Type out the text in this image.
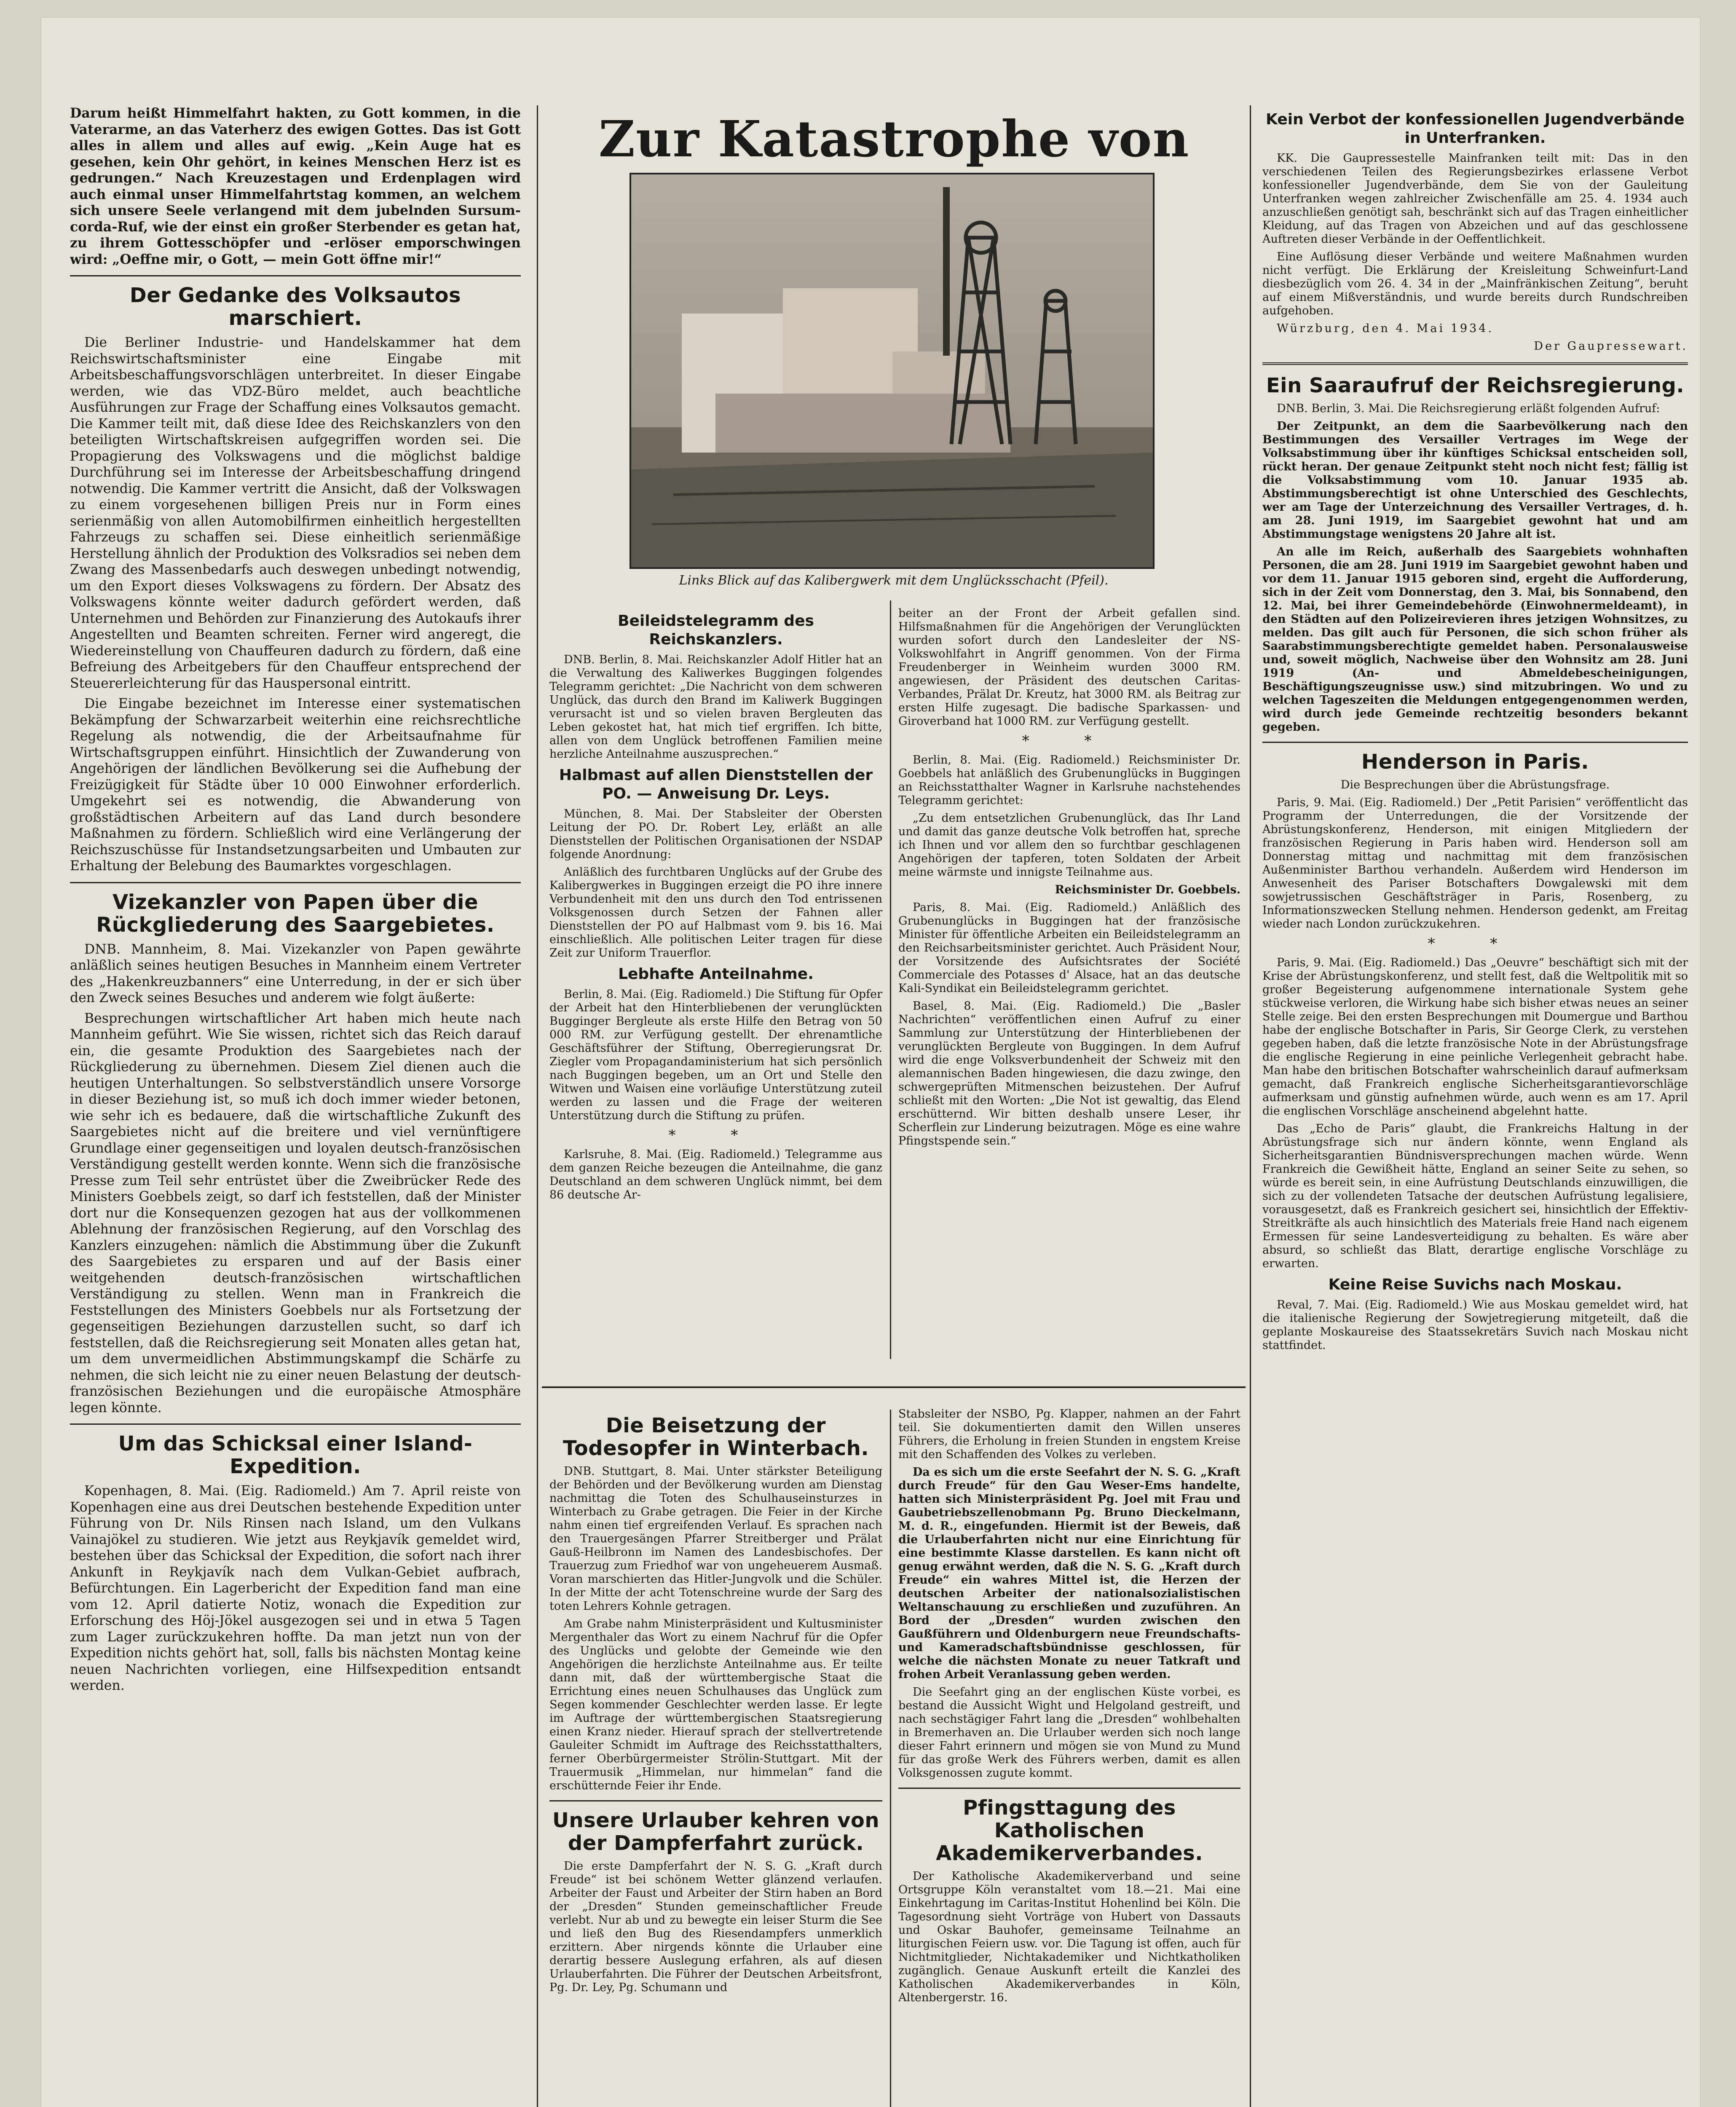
Zur Katastrophe von
Links Blick auf das Kalibergwerk mit dem Unglücksschacht (Pfeil).

Darum heißt Himmelfahrt hakten, zu Gott kommen, in die Vaterarme, an das Vaterherz des ewigen Gottes. Das ist Gott alles in allem und alles auf ewig. „Kein Auge hat es gesehen, kein Ohr gehört, in keines Menschen Herz ist es gedrungen.“ Nach Kreuzestagen und Erdenplagen wird auch einmal unser Himmelfahrtstag kommen, an welchem sich unsere Seele verlangend mit dem jubelnden Sursum-corda-Ruf, wie der einst ein großer Sterbender es getan hat, zu ihrem Gottesschöpfer und -erlöser emporschwingen wird: „Oeffne mir, o Gott, — mein Gott öffne mir!“

Der Gedanke des Volksautos marschiert.

Die Berliner Industrie- und Handelskammer hat dem Reichswirtschaftsminister eine Eingabe mit Arbeitsbeschaffungsvorschlägen unterbreitet. In dieser Eingabe werden, wie das VDZ-Büro meldet, auch beachtliche Ausführungen zur Frage der Schaffung eines Volksautos gemacht. Die Kammer teilt mit, daß diese Idee des Reichskanzlers von den beteiligten Wirtschaftskreisen aufgegriffen worden sei. Die Propagierung des Volkswagens und die möglichst baldige Durchführung sei im Interesse der Arbeitsbeschaffung dringend notwendig. Die Kammer vertritt die Ansicht, daß der Volkswagen zu einem vorgesehenen billigen Preis nur in Form eines serienmäßig von allen Automobilfirmen einheitlich hergestellten Fahrzeugs zu schaffen sei. Diese einheitlich serienmäßige Herstellung ähnlich der Produktion des Volksradios sei neben dem Zwang des Massenbedarfs auch deswegen unbedingt notwendig, um den Export dieses Volkswagens zu fördern. Der Absatz des Volkswagens könnte weiter dadurch gefördert werden, daß Unternehmen und Behörden zur Finanzierung des Autokaufs ihrer Angestellten und Beamten schreiten. Ferner wird angeregt, die Wiedereinstellung von Chauffeuren dadurch zu fördern, daß eine Befreiung des Arbeitgebers für den Chauffeur entsprechend der Steuererleichterung für das Hauspersonal eintritt.

Die Eingabe bezeichnet im Interesse einer systematischen Bekämpfung der Schwarzarbeit weiterhin eine reichsrechtliche Regelung als notwendig, die der Arbeitsaufnahme für Wirtschaftsgruppen einführt. Hinsichtlich der Zuwanderung von Angehörigen der ländlichen Bevölkerung sei die Aufhebung der Freizügigkeit für Städte über 10 000 Einwohner erforderlich. Umgekehrt sei es notwendig, die Abwanderung von großstädtischen Arbeitern auf das Land durch besondere Maßnahmen zu fördern. Schließlich wird eine Verlängerung der Reichszuschüsse für Instandsetzungsarbeiten und Umbauten zur Erhaltung der Belebung des Baumarktes vorgeschlagen.

Vizekanzler von Papen über die Rückgliederung des Saargebietes.

DNB. Mannheim, 8. Mai. Vizekanzler von Papen gewährte anläßlich seines heutigen Besuches in Mannheim einem Vertreter des „Hakenkreuzbanners“ eine Unterredung, in der er sich über den Zweck seines Besuches und anderem wie folgt äußerte:

Besprechungen wirtschaftlicher Art haben mich heute nach Mannheim geführt. Wie Sie wissen, richtet sich das Reich darauf ein, die gesamte Produktion des Saargebietes nach der Rückgliederung zu übernehmen. Diesem Ziel dienen auch die heutigen Unterhaltungen. So selbstverständlich unsere Vorsorge in dieser Beziehung ist, so muß ich doch immer wieder betonen, wie sehr ich es bedauere, daß die wirtschaftliche Zukunft des Saargebietes nicht auf die breitere und viel vernünftigere Grundlage einer gegenseitigen und loyalen deutsch-französischen Verständigung gestellt werden konnte. Wenn sich die französische Presse zum Teil sehr entrüstet über die Zweibrücker Rede des Ministers Goebbels zeigt, so darf ich feststellen, daß der Minister dort nur die Konsequenzen gezogen hat aus der vollkommenen Ablehnung der französischen Regierung, auf den Vorschlag des Kanzlers einzugehen: nämlich die Abstimmung über die Zukunft des Saargebietes zu ersparen und auf der Basis einer weitgehenden deutsch-französischen wirtschaftlichen Verständigung zu stellen. Wenn man in Frankreich die Feststellungen des Ministers Goebbels nur als Fortsetzung der gegenseitigen Beziehungen darzustellen sucht, so darf ich feststellen, daß die Reichsregierung seit Monaten alles getan hat, um dem unvermeidlichen Abstimmungskampf die Schärfe zu nehmen, die sich leicht nie zu einer neuen Belastung der deutsch-französischen Beziehungen und die europäische Atmosphäre legen könnte.

Um das Schicksal einer Island-Expedition.

Kopenhagen, 8. Mai. (Eig. Radiomeld.) Am 7. April reiste von Kopenhagen eine aus drei Deutschen bestehende Expedition unter Führung von Dr. Nils Rinsen nach Island, um den Vulkans Vainajökel zu studieren. Wie jetzt aus Reykjavík gemeldet wird, bestehen über das Schicksal der Expedition, die sofort nach ihrer Ankunft in Reykjavík nach dem Vulkan-Gebiet aufbrach, Befürchtungen. Ein Lagerbericht der Expedition fand man eine vom 12. April datierte Notiz, wonach die Expedition zur Erforschung des Höj-Jökel ausgezogen sei und in etwa 5 Tagen zum Lager zurückzukehren hoffte. Da man jetzt nun von der Expedition nichts gehört hat, soll, falls bis nächsten Montag keine neuen Nachrichten vorliegen, eine Hilfsexpedition entsandt werden.

Beileidstelegramm des Reichskanzlers.

DNB. Berlin, 8. Mai. Reichskanzler Adolf Hitler hat an die Verwaltung des Kaliwerkes Buggingen folgendes Telegramm gerichtet: „Die Nachricht von dem schweren Unglück, das durch den Brand im Kaliwerk Buggingen verursacht ist und so vielen braven Bergleuten das Leben gekostet hat, hat mich tief ergriffen. Ich bitte, allen von dem Unglück betroffenen Familien meine herzliche Anteilnahme auszusprechen.“

Halbmast auf allen Dienststellen der PO. — Anweisung Dr. Leys.

München, 8. Mai. Der Stabsleiter der Obersten Leitung der PO. Dr. Robert Ley, erläßt an alle Dienststellen der Politischen Organisationen der NSDAP folgende Anordnung:

Anläßlich des furchtbaren Unglücks auf der Grube des Kalibergwerkes in Buggingen erzeigt die PO ihre innere Verbundenheit mit den uns durch den Tod entrissenen Volksgenossen durch Setzen der Fahnen aller Dienststellen der PO auf Halbmast vom 9. bis 16. Mai einschließlich. Alle politischen Leiter tragen für diese Zeit zur Uniform Trauerflor.

Lebhafte Anteilnahme.

Berlin, 8. Mai. (Eig. Radiomeld.) Die Stiftung für Opfer der Arbeit hat den Hinterbliebenen der verunglückten Bugginger Bergleute als erste Hilfe den Betrag von 50 000 RM. zur Verfügung gestellt. Der ehrenamtliche Geschäftsführer der Stiftung, Oberregierungsrat Dr. Ziegler vom Propagandaministerium hat sich persönlich nach Buggingen begeben, um an Ort und Stelle den Witwen und Waisen eine vorläufige Unterstützung zuteil werden zu lassen und die Frage der weiteren Unterstützung durch die Stiftung zu prüfen.

* *

Karlsruhe, 8. Mai. (Eig. Radiomeld.) Telegramme aus dem ganzen Reiche bezeugen die Anteilnahme, die ganz Deutschland an dem schweren Unglück nimmt, bei dem 86 deutsche Ar-

beiter an der Front der Arbeit gefallen sind. Hilfsmaßnahmen für die Angehörigen der Verunglückten wurden sofort durch den Landesleiter der NS-Volkswohlfahrt in Angriff genommen. Von der Firma Freudenberger in Weinheim wurden 3000 RM. angewiesen, der Präsident des deutschen Caritas-Verbandes, Prälat Dr. Kreutz, hat 3000 RM. als Beitrag zur ersten Hilfe zugesagt. Die badische Sparkassen- und Giroverband hat 1000 RM. zur Verfügung gestellt.

* *

Berlin, 8. Mai. (Eig. Radiomeld.) Reichsminister Dr. Goebbels hat anläßlich des Grubenunglücks in Buggingen an Reichsstatthalter Wagner in Karlsruhe nachstehendes Telegramm gerichtet:

„Zu dem entsetzlichen Grubenunglück, das Ihr Land und damit das ganze deutsche Volk betroffen hat, spreche ich Ihnen und vor allem den so furchtbar geschlagenen Angehörigen der tapferen, toten Soldaten der Arbeit meine wärmste und innigste Teilnahme aus.

Reichsminister Dr. Goebbels.

Paris, 8. Mai. (Eig. Radiomeld.) Anläßlich des Grubenunglücks in Buggingen hat der französische Minister für öffentliche Arbeiten ein Beileidstelegramm an den Reichsarbeitsminister gerichtet. Auch Präsident Nour, der Vorsitzende des Aufsichtsrates der Société Commerciale des Potasses d' Alsace, hat an das deutsche Kali-Syndikat ein Beileidstelegramm gerichtet.

Basel, 8. Mai. (Eig. Radiomeld.) Die „Basler Nachrichten“ veröffentlichen einen Aufruf zu einer Sammlung zur Unterstützung der Hinterbliebenen der verunglückten Bergleute von Buggingen. In dem Aufruf wird die enge Volksverbundenheit der Schweiz mit den alemannischen Baden hingewiesen, die dazu zwinge, den schwergeprüften Mitmenschen beizustehen. Der Aufruf schließt mit den Worten: „Die Not ist gewaltig, das Elend erschütternd. Wir bitten deshalb unsere Leser, ihr Scherflein zur Linderung beizutragen. Möge es eine wahre Pfingstspende sein.“

Die Beisetzung der Todesopfer in Winterbach.

DNB. Stuttgart, 8. Mai. Unter stärkster Beteiligung der Behörden und der Bevölkerung wurden am Dienstag nachmittag die Toten des Schulhauseinsturzes in Winterbach zu Grabe getragen. Die Feier in der Kirche nahm einen tief ergreifenden Verlauf. Es sprachen nach den Trauergesängen Pfarrer Streitberger und Prälat Gauß-Heilbronn im Namen des Landesbischofes. Der Trauerzug zum Friedhof war von ungeheuerem Ausmaß. Voran marschierten das Hitler-Jungvolk und die Schüler. In der Mitte der acht Totenschreine wurde der Sarg des toten Lehrers Kohnle getragen.

Am Grabe nahm Ministerpräsident und Kultusminister Mergenthaler das Wort zu einem Nachruf für die Opfer des Unglücks und gelobte der Gemeinde wie den Angehörigen die herzlichste Anteilnahme aus. Er teilte dann mit, daß der württembergische Staat die Errichtung eines neuen Schulhauses das Unglück zum Segen kommender Geschlechter werden lasse. Er legte im Auftrage der württembergischen Staatsregierung einen Kranz nieder. Hierauf sprach der stellvertretende Gauleiter Schmidt im Auftrage des Reichsstatthalters, ferner Oberbürgermeister Strölin-Stuttgart. Mit der Trauermusik „Himmelan, nur himmelan“ fand die erschütternde Feier ihr Ende.

Unsere Urlauber kehren von der Dampferfahrt zurück.

Die erste Dampferfahrt der N. S. G. „Kraft durch Freude“ ist bei schönem Wetter glänzend verlaufen. Arbeiter der Faust und Arbeiter der Stirn haben an Bord der „Dresden“ Stunden gemeinschaftlicher Freude verlebt. Nur ab und zu bewegte ein leiser Sturm die See und ließ den Bug des Riesendampfers unmerklich erzittern. Aber nirgends könnte die Urlauber eine derartig bessere Auslegung erfahren, als auf diesen Urlauberfahrten. Die Führer der Deutschen Arbeitsfront, Pg. Dr. Ley, Pg. Schumann und

Stabsleiter der NSBO, Pg. Klapper, nahmen an der Fahrt teil. Sie dokumentierten damit den Willen unseres Führers, die Erholung in freien Stunden in engstem Kreise mit den Schaffenden des Volkes zu verleben.

Da es sich um die erste Seefahrt der N. S. G. „Kraft durch Freude“ für den Gau Weser-Ems handelte, hatten sich Ministerpräsident Pg. Joel mit Frau und Gaubetriebszellenobmann Pg. Bruno Dieckelmann, M. d. R., eingefunden. Hiermit ist der Beweis, daß die Urlauberfahrten nicht nur eine Einrichtung für eine bestimmte Klasse darstellen. Es kann nicht oft genug erwähnt werden, daß die N. S. G. „Kraft durch Freude“ ein wahres Mittel ist, die Herzen der deutschen Arbeiter der nationalsozialistischen Weltanschauung zu erschließen und zuzuführen. An Bord der „Dresden“ wurden zwischen den Gaußführern und Oldenburgern neue Freundschafts- und Kameradschaftsbündnisse geschlossen, für welche die nächsten Monate zu neuer Tatkraft und frohen Arbeit Veranlassung geben werden.

Die Seefahrt ging an der englischen Küste vorbei, es bestand die Aussicht Wight und Helgoland gestreift, und nach sechstägiger Fahrt lang die „Dresden“ wohlbehalten in Bremerhaven an. Die Urlauber werden sich noch lange dieser Fahrt erinnern und mögen sie von Mund zu Mund für das große Werk des Führers werben, damit es allen Volksgenossen zugute kommt.

Pfingsttagung des Katholischen Akademikerverbandes.

Der Katholische Akademikerverband und seine Ortsgruppe Köln veranstaltet vom 18.—21. Mai eine Einkehrtagung im Caritas-Institut Hohenlind bei Köln. Die Tagesordnung sieht Vorträge von Hubert von Dassauts und Oskar Bauhofer, gemeinsame Teilnahme an liturgischen Feiern usw. vor. Die Tagung ist offen, auch für Nichtmitglieder, Nichtakademiker und Nichtkatholiken zugänglich. Genaue Auskunft erteilt die Kanzlei des Katholischen Akademikerverbandes in Köln, Altenbergerstr. 16.

Kein Verbot der konfessionellen Jugendverbände in Unterfranken.

KK. Die Gaupressestelle Mainfranken teilt mit: Das in den verschiedenen Teilen des Regierungsbezirkes erlassene Verbot konfessioneller Jugendverbände, dem Sie von der Gauleitung Unterfranken wegen zahlreicher Zwischenfälle am 25. 4. 1934 auch anzuschließen genötigt sah, beschränkt sich auf das Tragen einheitlicher Kleidung, auf das Tragen von Abzeichen und auf das geschlossene Auftreten dieser Verbände in der Oeffentlichkeit.

Eine Auflösung dieser Verbände und weitere Maßnahmen wurden nicht verfügt. Die Erklärung der Kreisleitung Schweinfurt-Land diesbezüglich vom 26. 4. 34 in der „Mainfränkischen Zeitung“, beruht auf einem Mißverständnis, und wurde bereits durch Rundschreiben aufgehoben.

Würzburg, den 4. Mai 1934.

Der Gaupressewart.

Ein Saaraufruf der Reichsregierung.

DNB. Berlin, 3. Mai. Die Reichsregierung erläßt folgenden Aufruf:

Der Zeitpunkt, an dem die Saarbevölkerung nach den Bestimmungen des Versailler Vertrages im Wege der Volksabstimmung über ihr künftiges Schicksal entscheiden soll, rückt heran. Der genaue Zeitpunkt steht noch nicht fest; fällig ist die Volksabstimmung vom 10. Januar 1935 ab. Abstimmungsberechtigt ist ohne Unterschied des Geschlechts, wer am Tage der Unterzeichnung des Versailler Vertrages, d. h. am 28. Juni 1919, im Saargebiet gewohnt hat und am Abstimmungstage wenigstens 20 Jahre alt ist.

An alle im Reich, außerhalb des Saargebiets wohnhaften Personen, die am 28. Juni 1919 im Saargebiet gewohnt haben und vor dem 11. Januar 1915 geboren sind, ergeht die Aufforderung, sich in der Zeit vom Donnerstag, den 3. Mai, bis Sonnabend, den 12. Mai, bei ihrer Gemeindebehörde (Einwohnermeldeamt), in den Städten auf den Polizeirevieren ihres jetzigen Wohnsitzes, zu melden. Das gilt auch für Personen, die sich schon früher als Saarabstimmungsberechtigte gemeldet haben. Personalausweise und, soweit möglich, Nachweise über den Wohnsitz am 28. Juni 1919 (An- und Abmeldebescheinigungen, Beschäftigungszeugnisse usw.) sind mitzubringen. Wo und zu welchen Tageszeiten die Meldungen entgegengenommen werden, wird durch jede Gemeinde rechtzeitig besonders bekannt gegeben.

Henderson in Paris.

Die Besprechungen über die Abrüstungsfrage.

Paris, 9. Mai. (Eig. Radiomeld.) Der „Petit Parisien“ veröffentlicht das Programm der Unterredungen, die der Vorsitzende der Abrüstungskonferenz, Henderson, mit einigen Mitgliedern der französischen Regierung in Paris haben wird. Henderson soll am Donnerstag mittag und nachmittag mit dem französischen Außenminister Barthou verhandeln. Außerdem wird Henderson im Anwesenheit des Pariser Botschafters Dowgalewski mit dem sowjetrussischen Geschäftsträger in Paris, Rosenberg, zu Informationszwecken Stellung nehmen. Henderson gedenkt, am Freitag wieder nach London zurückzukehren.

* *

Paris, 9. Mai. (Eig. Radiomeld.) Das „Oeuvre“ beschäftigt sich mit der Krise der Abrüstungskonferenz, und stellt fest, daß die Weltpolitik mit so großer Begeisterung aufgenommene internationale System gehe stückweise verloren, die Wirkung habe sich bisher etwas neues an seiner Stelle zeige. Bei den ersten Besprechungen mit Doumergue und Barthou habe der englische Botschafter in Paris, Sir George Clerk, zu verstehen gegeben haben, daß die letzte französische Note in der Abrüstungsfrage die englische Regierung in eine peinliche Verlegenheit gebracht habe. Man habe den britischen Botschafter wahrscheinlich darauf aufmerksam gemacht, daß Frankreich englische Sicherheitsgarantievorschläge aufmerksam und günstig aufnehmen würde, auch wenn es am 17. April die englischen Vorschläge anscheinend abgelehnt hatte.

Das „Echo de Paris“ glaubt, die Frankreichs Haltung in der Abrüstungsfrage sich nur ändern könnte, wenn England als Sicherheitsgarantien Bündnisversprechungen machen würde. Wenn Frankreich die Gewißheit hätte, England an seiner Seite zu sehen, so würde es bereit sein, in eine Aufrüstung Deutschlands einzuwilligen, die sich zu der vollendeten Tatsache der deutschen Aufrüstung legalisiere, vorausgesetzt, daß es Frankreich gesichert sei, hinsichtlich der Effektiv-Streitkräfte als auch hinsichtlich des Materials freie Hand nach eigenem Ermessen für seine Landesverteidigung zu behalten. Es wäre aber absurd, so schließt das Blatt, derartige englische Vorschläge zu erwarten.

Keine Reise Suvichs nach Moskau.

Reval, 7. Mai. (Eig. Radiomeld.) Wie aus Moskau gemeldet wird, hat die italienische Regierung der Sowjetregierung mitgeteilt, daß die geplante Moskaureise des Staatssekretärs Suvich nach Moskau nicht stattfindet.
